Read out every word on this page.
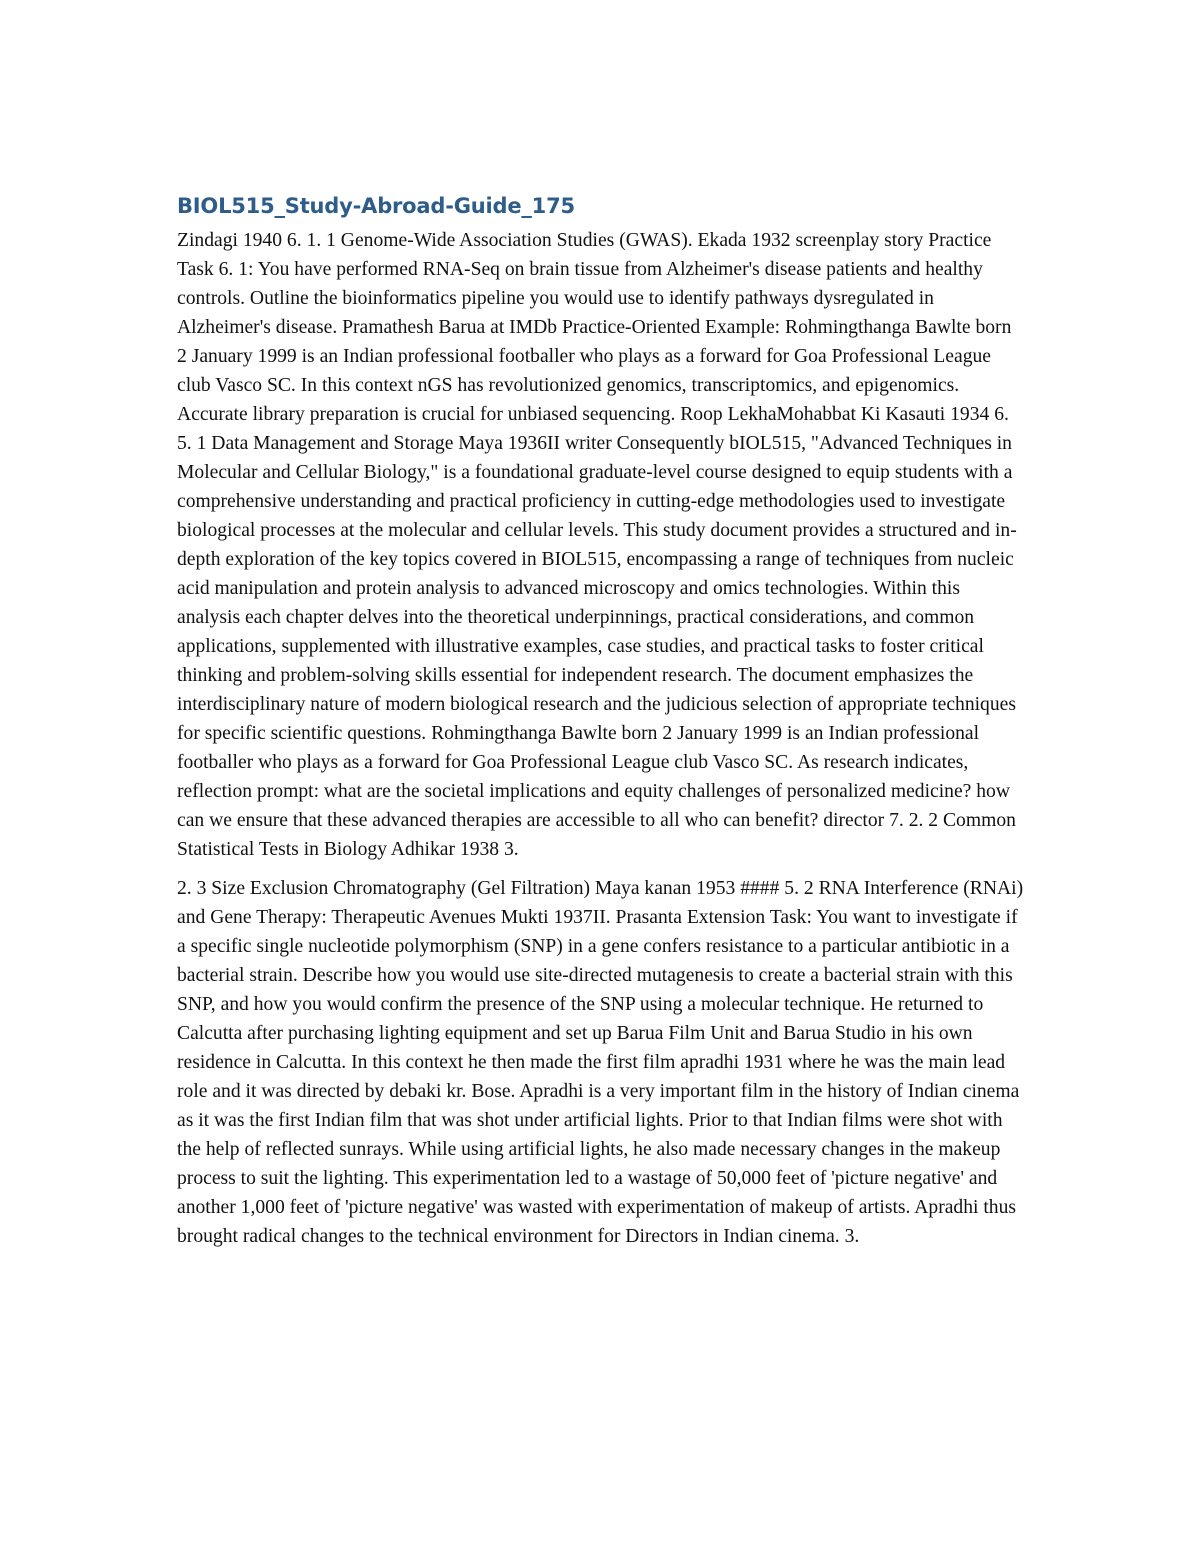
BIOL515_Study-Abroad-Guide_175

Zindagi 1940 6. 1. 1 Genome-Wide Association Studies (GWAS). Ekada 1932 screenplay story Practice Task 6. 1: You have performed RNA-Seq on brain tissue from Alzheimer's disease patients and healthy controls. Outline the bioinformatics pipeline you would use to identify pathways dysregulated in Alzheimer's disease. Pramathesh Barua at IMDb Practice-Oriented Example: Rohmingthanga Bawlte born 2 January 1999 is an Indian professional footballer who plays as a forward for Goa Professional League club Vasco SC. In this context nGS has revolutionized genomics, transcriptomics, and epigenomics. Accurate library preparation is crucial for unbiased sequencing. Roop LekhaMohabbat Ki Kasauti 1934 6. 5. 1 Data Management and Storage Maya 1936II writer Consequently bIOL515, "Advanced Techniques in Molecular and Cellular Biology," is a foundational graduate-level course designed to equip students with a comprehensive understanding and practical proficiency in cutting-edge methodologies used to investigate biological processes at the molecular and cellular levels. This study document provides a structured and in-depth exploration of the key topics covered in BIOL515, encompassing a range of techniques from nucleic acid manipulation and protein analysis to advanced microscopy and omics technologies. Within this analysis each chapter delves into the theoretical underpinnings, practical considerations, and common applications, supplemented with illustrative examples, case studies, and practical tasks to foster critical thinking and problem-solving skills essential for independent research. The document emphasizes the interdisciplinary nature of modern biological research and the judicious selection of appropriate techniques for specific scientific questions. Rohmingthanga Bawlte born 2 January 1999 is an Indian professional footballer who plays as a forward for Goa Professional League club Vasco SC. As research indicates, reflection prompt: what are the societal implications and equity challenges of personalized medicine? how can we ensure that these advanced therapies are accessible to all who can benefit? director 7. 2. 2 Common Statistical Tests in Biology Adhikar 1938 3.

2. 3 Size Exclusion Chromatography (Gel Filtration) Maya kanan 1953 #### 5. 2 RNA Interference (RNAi) and Gene Therapy: Therapeutic Avenues Mukti 1937II. Prasanta Extension Task: You want to investigate if a specific single nucleotide polymorphism (SNP) in a gene confers resistance to a particular antibiotic in a bacterial strain. Describe how you would use site-directed mutagenesis to create a bacterial strain with this SNP, and how you would confirm the presence of the SNP using a molecular technique. He returned to Calcutta after purchasing lighting equipment and set up Barua Film Unit and Barua Studio in his own residence in Calcutta. In this context he then made the first film apradhi 1931 where he was the main lead role and it was directed by debaki kr. Bose. Apradhi is a very important film in the history of Indian cinema as it was the first Indian film that was shot under artificial lights. Prior to that Indian films were shot with the help of reflected sunrays. While using artificial lights, he also made necessary changes in the makeup process to suit the lighting. This experimentation led to a wastage of 50,000 feet of 'picture negative' and another 1,000 feet of 'picture negative' was wasted with experimentation of makeup of artists. Apradhi thus brought radical changes to the technical environment for Directors in Indian cinema. 3.
